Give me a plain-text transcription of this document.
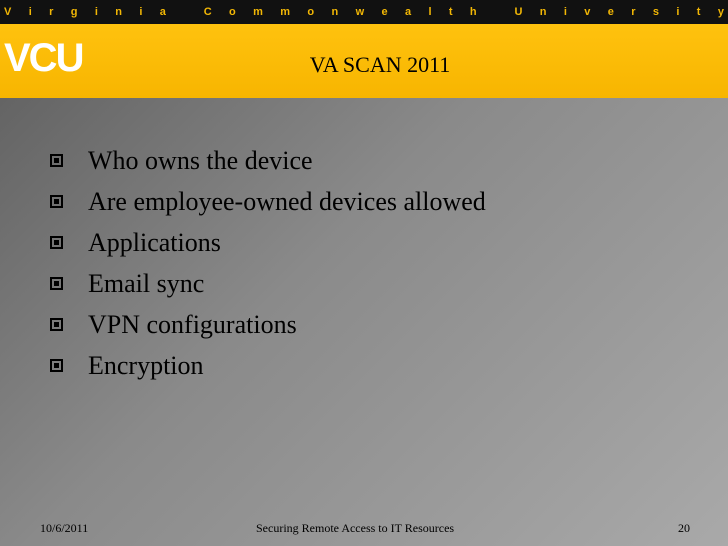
V i r g i n i a
	C o m m o n w e a l t h
	U n i v e r s i t y
VCU	VA SCAN 2011
Who owns the device
Are employee-owned devices allowed
Applications
Email sync
VPN configurations
Encryption
10/6/2011	Securing Remote Access to IT Resources	20
